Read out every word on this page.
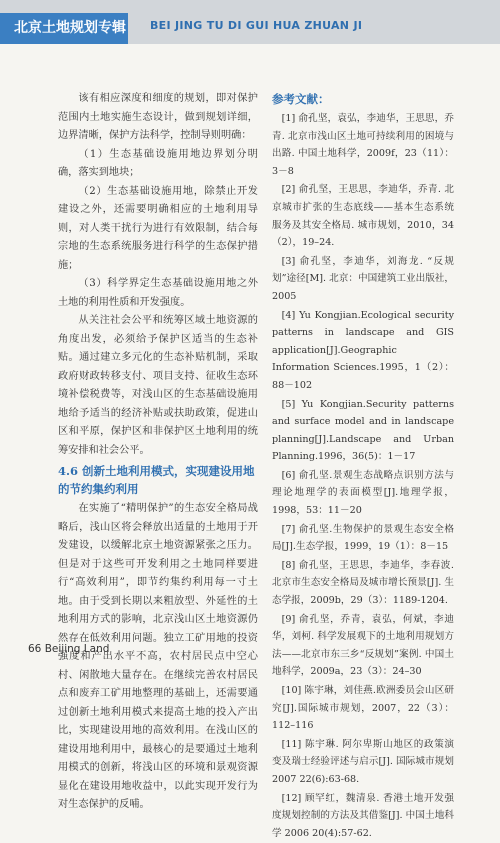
北京土地规划专辑 BEI JING TU DI GUI HUA ZHUAN JI

该有相应深度和细度的规划，即对保护范围内土地实施生态设计，做到规划详细，边界清晰，保护方法科学，控制导则明确：

（1）生态基础设施用地边界划分明确，落实到地块；

（2）生态基础设施用地，除禁止开发建设之外，还需要明确相应的土地利用导则，对人类干扰行为进行有效限制，结合每宗地的生态系统服务进行科学的生态保护措施；

（3）科学界定生态基础设施用地之外土地的利用性质和开发强度。

从关注社会公平和统筹区域土地资源的角度出发，必须给予保护区适当的生态补贴。通过建立多元化的生态补贴机制，采取政府财政转移支付、项目支持、征收生态环境补偿税费等，对浅山区的生态基础设施用地给予适当的经济补贴或扶助政策，促进山区和平原，保护区和非保护区土地利用的统筹安排和社会公平。

4.6 创新土地利用模式，实现建设用地的节约集约利用

在实施了“精明保护”的生态安全格局战略后，浅山区将会释放出适量的土地用于开发建设，以缓解北京土地资源紧张之压力。但是对于这些可开发利用之土地同样要进行“高效利用”，即节约集约利用每一寸土地。由于受到长期以来粗放型、外延性的土地利用方式的影响，北京浅山区土地资源仍然存在低效利用问题。独立工矿用地的投资强度和产出水平不高，农村居民点中空心村、闲散地大量存在。在继续完善农村居民点和废弃工矿用地整理的基础上，还需要通过创新土地利用模式来提高土地的投入产出比，实现建设用地的高效利用。在浅山区的建设用地利用中，最核心的是要通过土地利用模式的创新，将浅山区的环境和景观资源显化在建设用地收益中，以此实现开发行为对生态保护的反哺。

参考文献：

[1] 俞孔坚，袁弘，李迪华，王思思，乔青. 北京市浅山区土地可持续利用的困境与出路. 中国土地科学，2009f，23（11）：3－8

[2] 俞孔坚，王思思，李迪华，乔青. 北京城市扩张的生态底线——基本生态系统服务及其安全格局. 城市规划，2010，34（2），19–24.

[3] 俞孔坚，李迪华，刘海龙. “反规划”途径[M]. 北京：中国建筑工业出版社，2005

[4] Yu Kongjian.Ecological security patterns in landscape and GIS application[J].Geographic Information Sciences.1995，1（2）：88－102

[5] Yu Kongjian.Security patterns and surface model and in landscape planning[J].Landscape and Urban Planning.1996，36(5)：1－17

[6] 俞孔坚.景观生态战略点识别方法与理论地理学的表面模型[J].地理学报，1998，53：11－20

[7] 俞孔坚.生物保护的景观生态安全格局[J].生态学报，1999，19（1）：8－15

[8] 俞孔坚，王思思，李迪华，李春波. 北京市生态安全格局及城市增长预景[J]. 生态学报，2009b，29（3）：1189-1204.

[9] 俞孔坚，乔青，袁弘，何斌，李迪华，刘柯. 科学发展观下的土地利用规划方法——北京市东三乡“反规划”案例. 中国土地科学，2009a，23（3）：24–30

[10] 陈宇琳，刘佳燕.欧洲委员会山区研究[J].国际城市规划，2007，22（3）：112–116

[11] 陈宇琳. 阿尔卑斯山地区的政策演变及瑞士经验评述与启示[J]. 国际城市规划 2007 22(6):63-68.

[12] 顾罕红，魏清泉. 香港土地开发强度规划控制的方法及其借鉴[J]. 中国土地科学 2006 20(4):57-62.

66 Beijing Land
